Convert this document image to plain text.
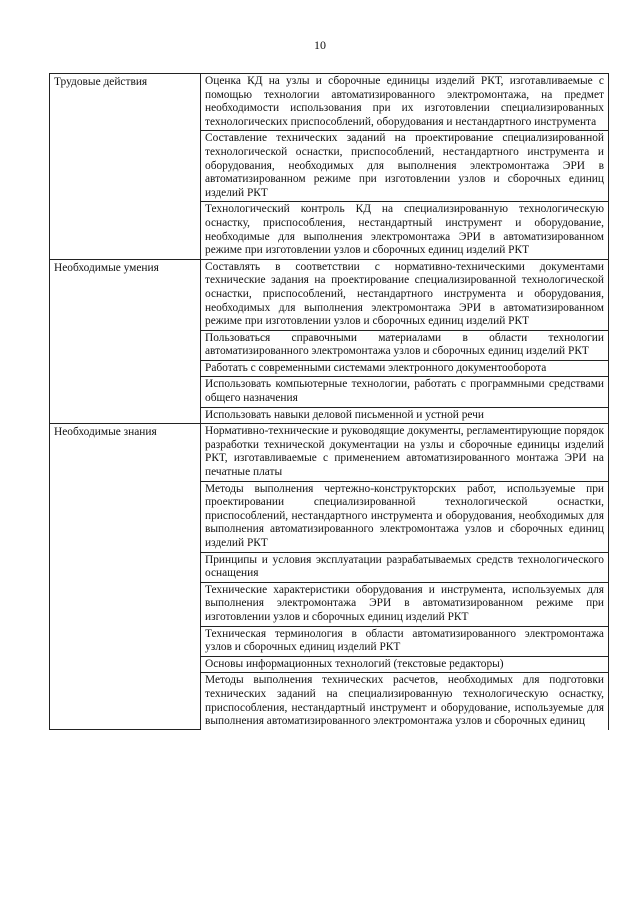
10
Трудовые действия	Оценка КД на узлы и сборочные единицы изделий РКТ, изготавливаемые с помощью технологии автоматизированного электромонтажа, на предмет необходимости использования при их изготовлении специализированных технологических приспособлений, оборудования и нестандартного инструмента
	Составление технических заданий на проектирование специализированной технологической оснастки, приспособлений, нестандартного инструмента и оборудования, необходимых для выполнения электромонтажа ЭРИ в автоматизированном режиме при изготовлении узлов и сборочных единиц изделий РКТ
	Технологический контроль КД на специализированную технологическую оснастку, приспособления, нестандартный инструмент и оборудование, необходимые для выполнения электромонтажа ЭРИ в автоматизированном режиме при изготовлении узлов и сборочных единиц изделий РКТ
Необходимые умения	Составлять в соответствии с нормативно-техническими документами технические задания на проектирование специализированной технологической оснастки, приспособлений, нестандартного инструмента и оборудования, необходимых для выполнения электромонтажа ЭРИ в автоматизированном режиме при изготовлении узлов и сборочных единиц изделий РКТ
	Пользоваться справочными материалами в области технологии автоматизированного электромонтажа узлов и сборочных единиц изделий РКТ
	Работать с современными системами электронного документооборота
	Использовать компьютерные технологии, работать с программными средствами общего назначения
	Использовать навыки деловой письменной и устной речи
Необходимые знания	Нормативно-технические и руководящие документы, регламентирующие порядок разработки технической документации на узлы и сборочные единицы изделий РКТ, изготавливаемые с применением автоматизированного монтажа ЭРИ на печатные платы
	Методы выполнения чертежно-конструкторских работ, используемые при проектировании специализированной технологической оснастки, приспособлений, нестандартного инструмента и оборудования, необходимых для выполнения автоматизированного электромонтажа узлов и сборочных единиц изделий РКТ
	Принципы и условия эксплуатации разрабатываемых средств технологического оснащения
	Технические характеристики оборудования и инструмента, используемых для выполнения электромонтажа ЭРИ в автоматизированном режиме при изготовлении узлов и сборочных единиц изделий РКТ
	Техническая терминология в области автоматизированного электромонтажа узлов и сборочных единиц изделий РКТ
	Основы информационных технологий (текстовые редакторы)
	Методы выполнения технических расчетов, необходимых для подготовки технических заданий на специализированную технологическую оснастку, приспособления, нестандартный инструмент и оборудование, используемые для выполнения автоматизированного электромонтажа узлов и сборочных единиц
